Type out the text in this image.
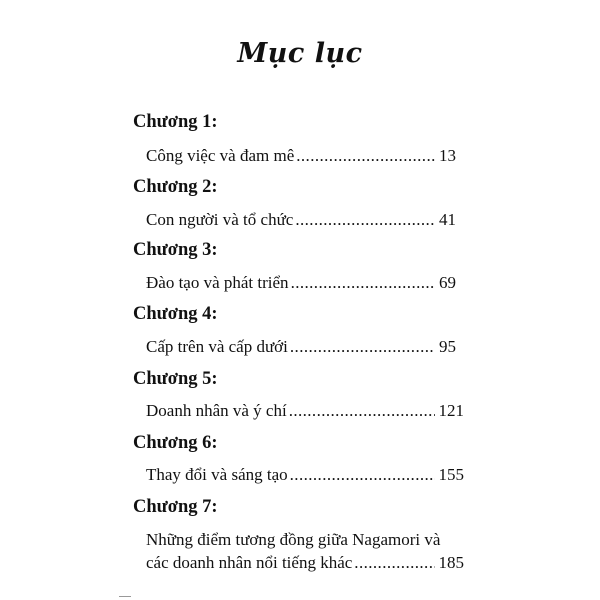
Mục lục
Chương 1:
Công việc và đam mê .....	13
Chương 2:
Con người và tổ chức .....	41
Chương 3:
Đào tạo và phát triển .....	69
Chương 4:
Cấp trên và cấp dưới .....	95
Chương 5:
Doanh nhân và ý chí .....	121
Chương 6:
Thay đổi và sáng tạo .....	155
Chương 7:
Những điểm tương đồng giữa Nagamori và
các doanh nhân nổi tiếng khác .....	185
